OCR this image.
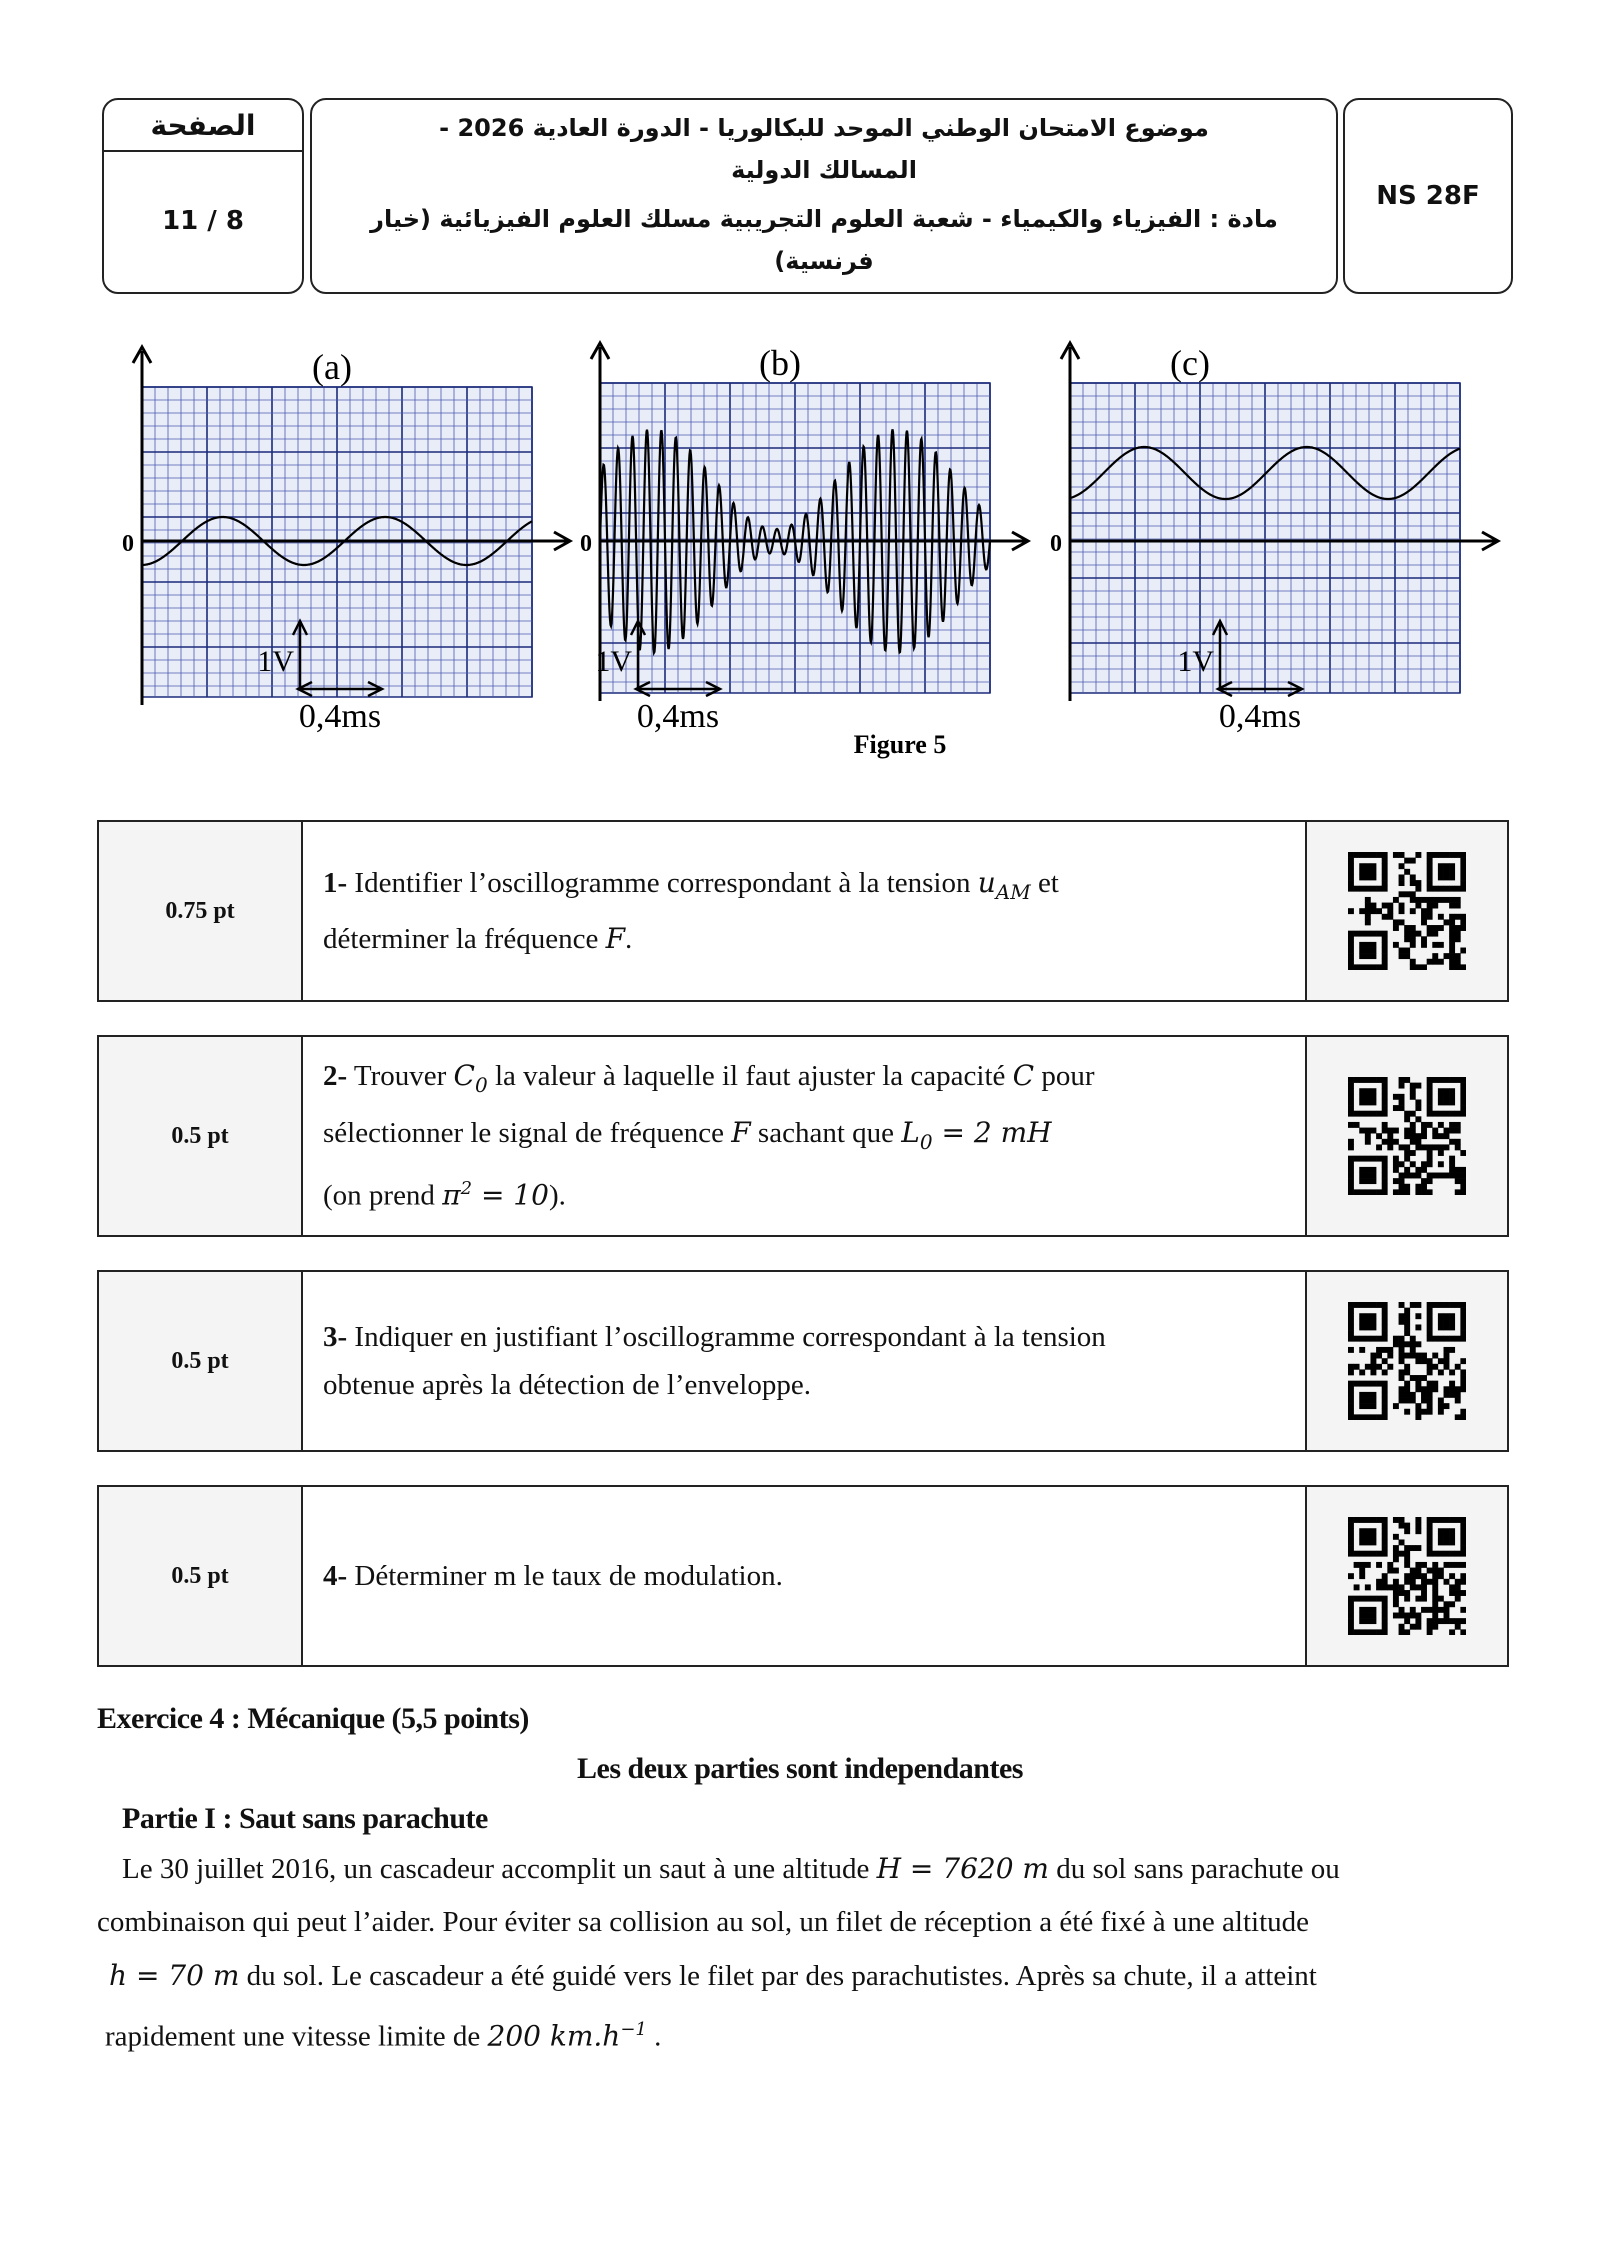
الصفحة
11 / 8
موضوع الامتحان الوطني الموحد للبكالوريا - الدورة العادية 2026 -
المسالك الدولية
مادة : الفيزياء والكيمياء - شعبة العلوم التجريبية مسلك العلوم الفيزيائية (خيار فرنسية)
NS 28F
0
(a)
1V
0,4ms
0
(b)
1V
0,4ms
0
(c)
1V
0,4ms
Figure 5
0.75 pt
1- Identifier l’oscillogramme correspondant à la tension $u_{AM}$ et
déterminer la fréquence F.
0.5 pt
2- Trouver $C_0$ la valeur à laquelle il faut ajuster la capacité C pour
sélectionner le signal de fréquence F sachant que $L_0 = 2$ mH
(on prend $\pi^2 = 10$).
0.5 pt
3- Indiquer en justifiant l’oscillogramme correspondant à la tension
obtenue après la détection de l’enveloppe.
0.5 pt	4- Déterminer m le taux de modulation.
Exercice 4 : Mécanique (5,5 points)
Les deux parties sont independantes
Partie I : Saut sans parachute
Le 30 juillet 2016, un cascadeur accomplit un saut à une altitude H = 7620 m du sol sans parachute ou
combinaison qui peut l’aider. Pour éviter sa collision au sol, un filet de réception a été fixé à une altitude
h = 70 m du sol. Le cascadeur a été guidé vers le filet par des parachutistes. Après sa chute, il a atteint
rapidement une vitesse limite de 200 $km.h^{-1}$ .
